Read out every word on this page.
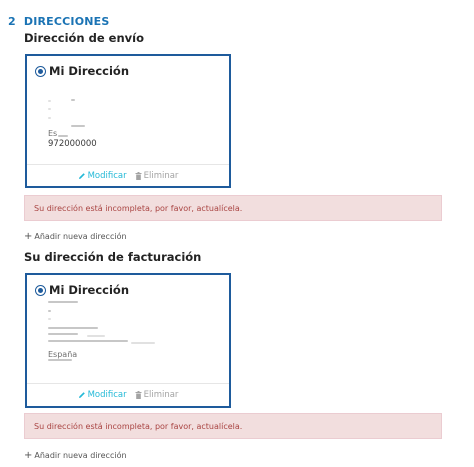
2 DIRECCIONES
Dirección de envío
Mi Dirección
Es
972000000
Modificar Eliminar
Su dirección está incompleta, por favor, actualícela.
+ Añadir nueva dirección
Su dirección de facturación
Mi Dirección
España
Modificar Eliminar
Su dirección está incompleta, por favor, actualícela.
+ Añadir nueva dirección
